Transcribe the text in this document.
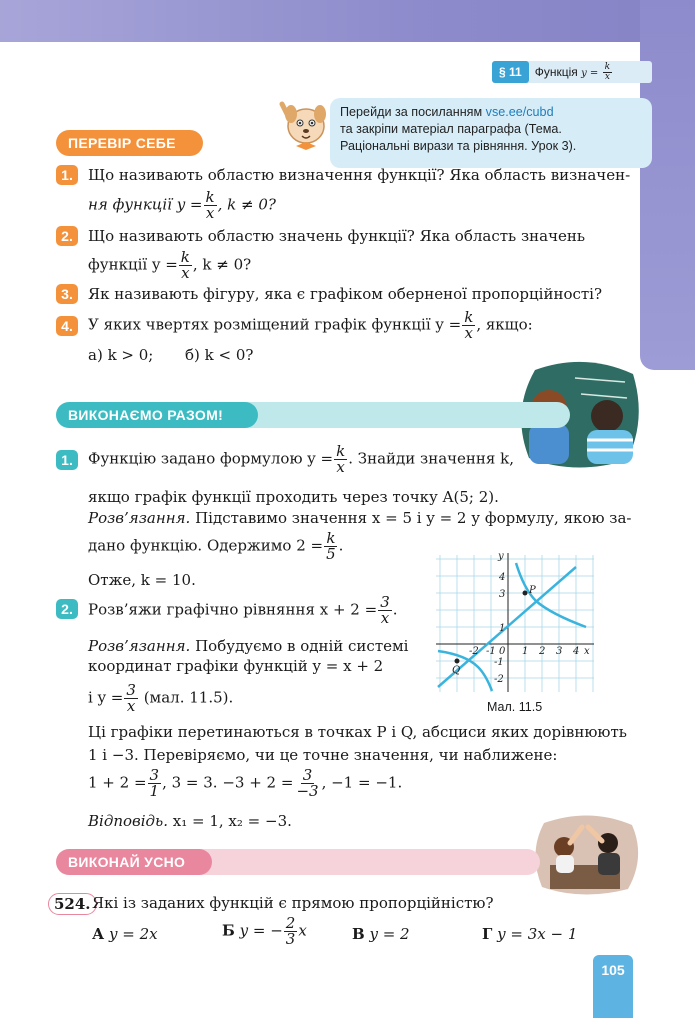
§ 11 Функція $y = \frac{k}{x}$
Перейди за посиланням vse.ee/cubd
та закріпи матеріал параграфа (Тема.
Раціональні вирази та рівняння. Урок 3).
ПЕРЕВІР СЕБЕ
1.	Що називають областю визначення функції? Яка область визначен-
ня функції $y = \frac{k}{x}$ , k ≠ 0?
2.	Що називають областю значень функції? Яка область значень
функції $y = \frac{k}{x}$ , k ≠ 0?
3.	Як називають фігуру, яка є графіком оберненої пропорційності?
4.	У яких чвертях розміщений графік функції $y = \frac{k}{x}$ , якщо:
а) k > 0; б) k < 0?
ВИКОНАЄМО РАЗОМ!
1.	Функцію задано формулою $y = \frac{k}{x}$ . Знайди значення k,
якщо графік функції проходить через точку A(5; 2).
Розв’язання. Підставимо значення x = 5 і y = 2 у формулу, якою за-
дано функцію. Одержимо $2 = \frac{k}{5}$ .
Отже, k = 10.
2.	Розв’яжи графічно рівняння $x + 2 = \frac{3}{x}$ .
Розв’язання. Побудуємо в одній системі
координат графіки функцій y = x + 2
і $y = \frac{3}{x} (мал$. 11.5).
x
y
P
Q
0
-2 -1	1 2 3 4
4
3
1
-1
-2
Мал. 11.5
Ці графіки перетинаються в точках P і Q, абсциси яких дорівнюють
1 і −3. Перевіряємо, чи це точне значення, чи наближене:
$1 + 2 = \frac{3}{1}$ , 3 = 3. $-3 + 2 = \frac{3}{-3}$ , −1 = −1.
Відповідь. x₁ = 1, x₂ = −3.
ВИКОНАЙ УСНО
524. Які із заданих функцій є прямою пропорційністю?
А y = 2x	Б y = − $\frac{2}{3}$ x	В y = 2	Г y = 3x − 1
105
